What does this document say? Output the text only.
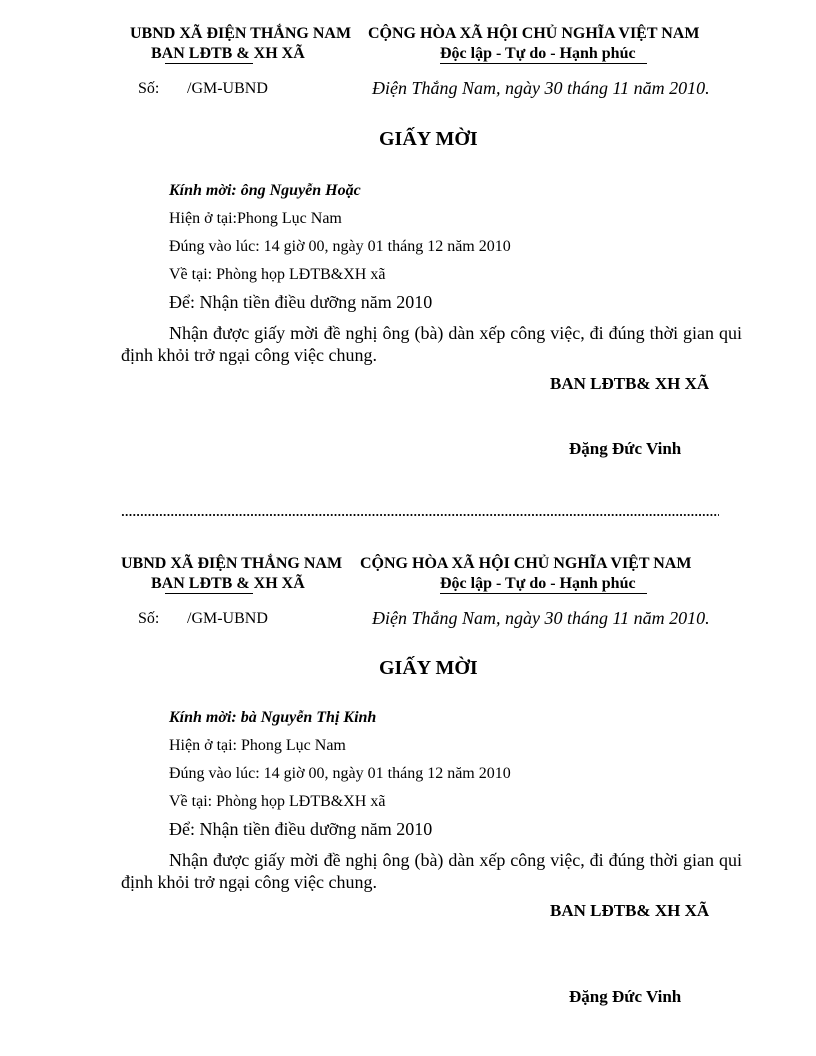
UBND XÃ ĐIỆN THẮNG NAM
BAN LĐTB & XH XÃ
CỘNG HÒA XÃ HỘI CHỦ NGHĨA VIỆT NAM
Độc lập - Tự do - Hạnh phúc
Số: /GM-UBND	Điện Thắng Nam, ngày 30 tháng 11 năm 2010.
GIẤY MỜI
Kính mời: ông Nguyễn Hoặc
Hiện ở tại:Phong Lục Nam
Đúng vào lúc: 14 giờ 00, ngày 01 tháng 12 năm 2010
Về tại: Phòng họp LĐTB&XH xã
Để: Nhận tiền điều dưỡng năm 2010
Nhận được giấy mời đề nghị ông (bà) dàn xếp công việc, đi đúng thời gian qui định khỏi trở ngại công việc chung.
BAN LĐTB& XH XÃ
Đặng Đức Vinh
UBND XÃ ĐIỆN THẮNG NAM
BAN LĐTB & XH XÃ
CỘNG HÒA XÃ HỘI CHỦ NGHĨA VIỆT NAM
Độc lập - Tự do - Hạnh phúc
Số: /GM-UBND	Điện Thắng Nam, ngày 30 tháng 11 năm 2010.
GIẤY MỜI
Kính mời: bà Nguyễn Thị Kinh
Hiện ở tại: Phong Lục Nam
Đúng vào lúc: 14 giờ 00, ngày 01 tháng 12 năm 2010
Về tại: Phòng họp LĐTB&XH xã
Để: Nhận tiền điều dưỡng năm 2010
Nhận được giấy mời đề nghị ông (bà) dàn xếp công việc, đi đúng thời gian qui định khỏi trở ngại công việc chung.
BAN LĐTB& XH XÃ
Đặng Đức Vinh
